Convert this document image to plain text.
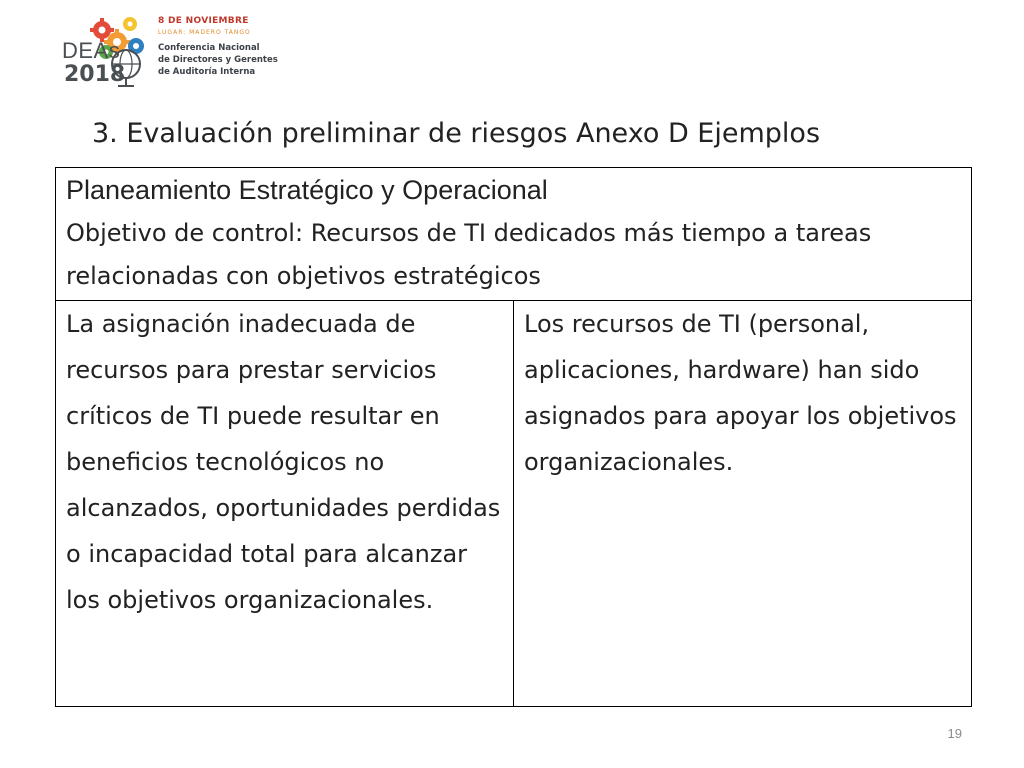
DEAs
2018
8 DE NOVIEMBRE
LUGAR: MADERO TANGO
Conferencia Nacional
de Directores y Gerentes
de Auditoría Interna
3. Evaluación preliminar de riesgos Anexo D Ejemplos
Planeamiento Estratégico y Operacional
Objetivo de control: Recursos de TI dedicados más tiempo a tareas relacionadas con objetivos estratégicos

La asignación inadecuada de recursos para prestar servicios críticos de TI puede resultar en beneficios tecnológicos no alcanzados, oportunidades perdidas o incapacidad total para alcanzar los objetivos organizacionales.	Los recursos de TI (personal, aplicaciones, hardware) han sido asignados para apoyar los objetivos organizacionales.
19
